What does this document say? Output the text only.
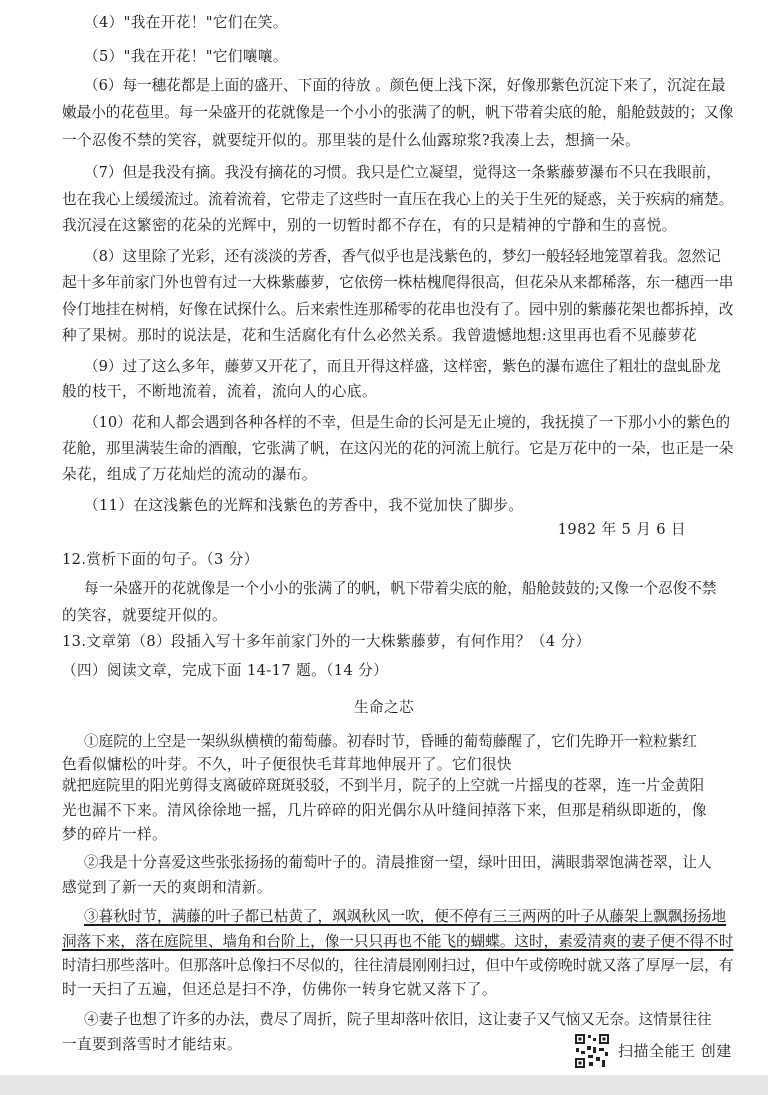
（4）"我在开花！"它们在笑。
（5）"我在开花！"它们嚷嚷。
（6）每一穗花都是上面的盛开、下面的待放 。颜色便上浅下深，好像那紫色沉淀下来了，沉淀在最
嫩最小的花苞里。每一朵盛开的花就像是一个小小的张满了的帆，帆下带着尖底的舱，船舱鼓鼓的；又像
一个忍俊不禁的笑容，就要绽开似的。那里装的是什么仙露琼浆?我凑上去，想摘一朵。
（7）但是我没有摘。我没有摘花的习惯。我只是伫立凝望，觉得这一条紫藤萝瀑布不只在我眼前，
也在我心上缓缓流过。流着流着，它带走了这些时一直压在我心上的关于生死的疑惑，关于疾病的痛楚。
我沉浸在这繁密的花朵的光辉中，别的一切暂时都不存在，有的只是精神的宁静和生的喜悦。
（8）这里除了光彩，还有淡淡的芳香，香气似乎也是浅紫色的，梦幻一般轻轻地笼罩着我。忽然记
起十多年前家门外也曾有过一大株紫藤萝，它依傍一株枯槐爬得很高，但花朵从来都稀落，东一穗西一串
伶仃地挂在树梢，好像在试探什么。后来索性连那稀零的花串也没有了。园中别的紫藤花架也都拆掉，改
种了果树。那时的说法是，花和生活腐化有什么必然关系。我曾遗憾地想:这里再也看不见藤萝花
（9）过了这么多年，藤萝又开花了，而且开得这样盛，这样密，紫色的瀑布遮住了粗壮的盘虬卧龙
般的枝干，不断地流着，流着，流向人的心底。
（10）花和人都会遇到各种各样的不幸，但是生命的长河是无止境的，我抚摸了一下那小小的紫色的
花舱，那里满装生命的酒酿，它张满了帆，在这闪光的花的河流上航行。它是万花中的一朵，也正是一朵
朵花，组成了万花灿烂的流动的瀑布。
（11）在这浅紫色的光辉和浅紫色的芳香中，我不觉加快了脚步。
1982 年 5 月 6 日
12.赏析下面的句子。（3 分）
每一朵盛开的花就像是一个小小的张满了的帆，帆下带着尖底的舱，船舱鼓鼓的;又像一个忍俊不禁
的笑容，就要绽开似的。
13.文章第（8）段插入写十多年前家门外的一大株紫藤萝，有何作用？（4 分）
（四）阅读文章，完成下面 14-17 题。（14 分）
生命之芯
①庭院的上空是一架纵纵横横的葡萄藤。初春时节，昏睡的葡萄藤醒了，它们先睁开一粒粒紫红
色看似慵松的叶芽。不久，叶子便很快毛茸茸地伸展开了。它们很快
就把庭院里的阳光剪得支离破碎斑斑驳驳，不到半月，院子的上空就一片摇曳的苍翠，连一片金黄阳
光也漏不下来。清风徐徐地一摇，几片碎碎的阳光偶尔从叶缝间掉落下来，但那是稍纵即逝的，像
梦的碎片一样。
②我是十分喜爱这些张张扬扬的葡萄叶子的。清晨推窗一望，绿叶田田，满眼翡翠饱满苍翠，让人
感觉到了新一天的爽朗和清新。
③暮秋时节，满藤的叶子都已枯黄了，飒飒秋风一吹，便不停有三三两两的叶子从藤架上飘飘扬扬地
洞落下来，落在庭院里、墙角和台阶上，像一只只再也不能飞的蝴蝶。这时，素爱清爽的妻子便不得不时
时清扫那些落叶。但那落叶总像扫不尽似的，往往清晨刚刚扫过，但中午或傍晚时就又落了厚厚一层，有
时一天扫了五遍，但还总是扫不净，仿佛你一转身它就又落下了。
④妻子也想了许多的办法，费尽了周折，院子里却落叶依旧，这让妻子又气恼又无奈。这情景往往
一直要到落雪时才能结束。	扫描全能王 创建
